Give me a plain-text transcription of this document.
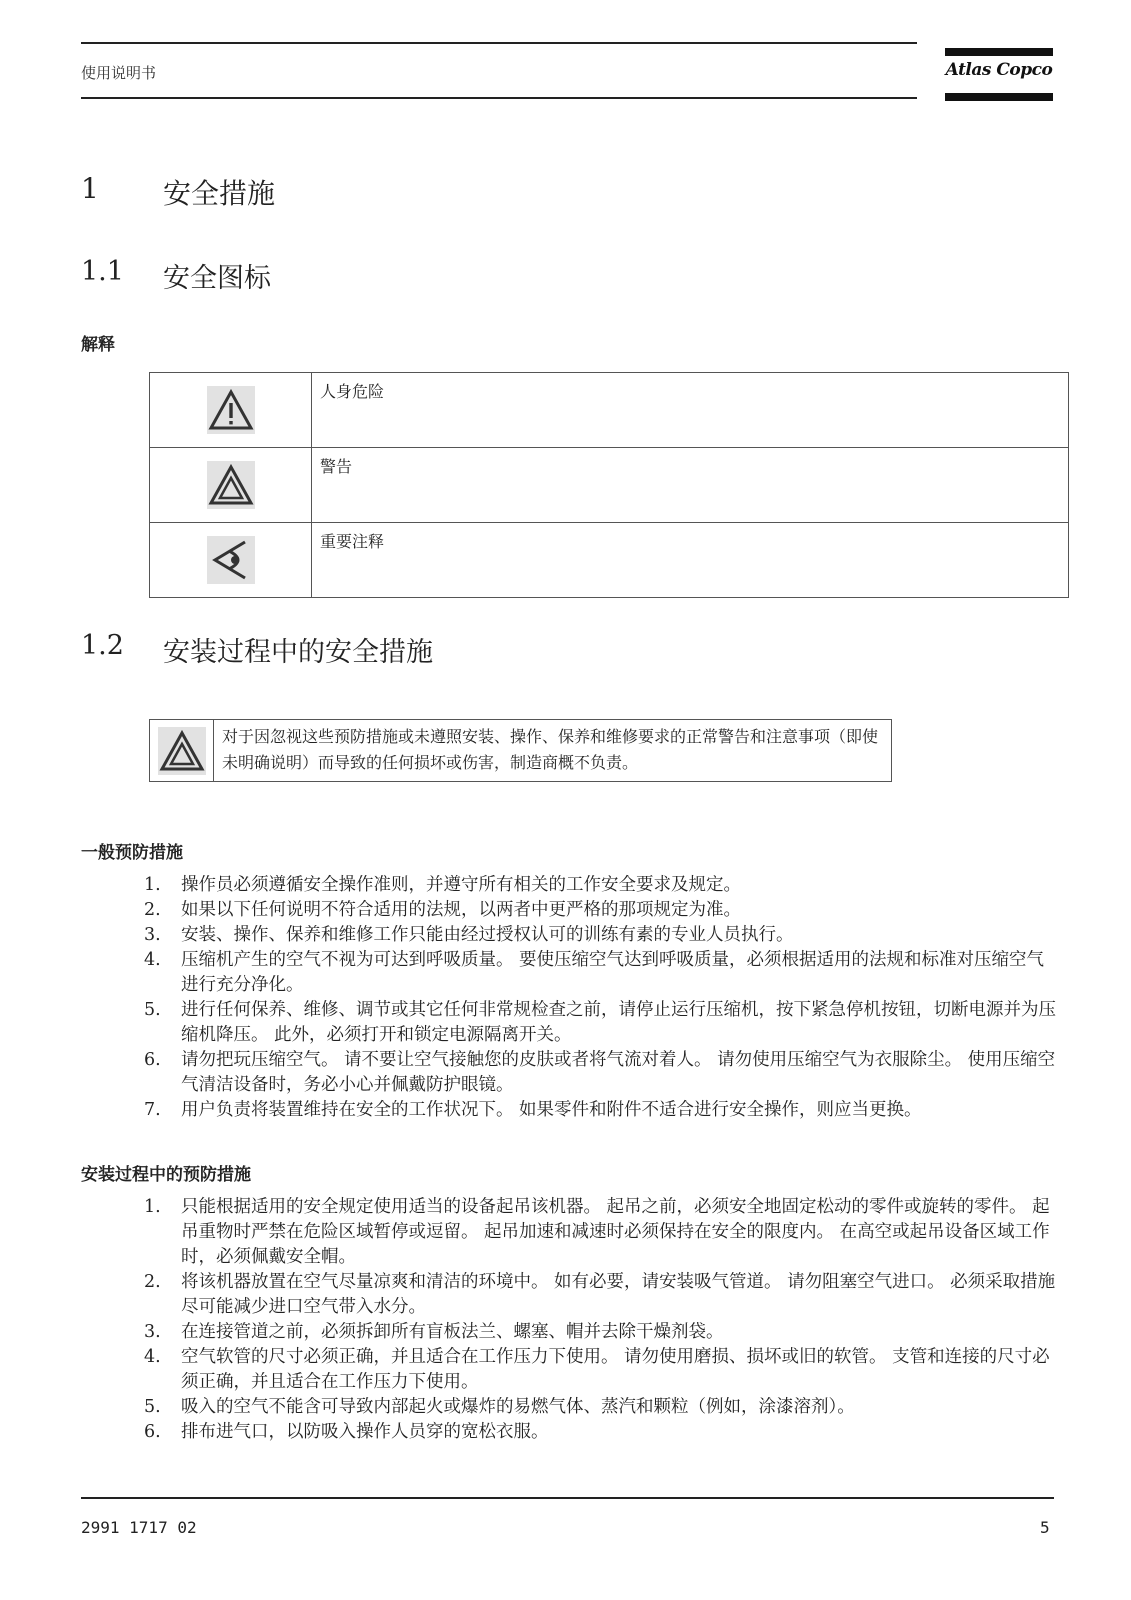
使用说明书	Atlas Copco
1 安全措施
1.1 安全图标
解释
	人身危险
	警告
	重要注释
1.2 安装过程中的安全措施
对于因忽视这些预防措施或未遵照安装、操作、保养和维修要求的正常警告和注意事项（即使未明确说明）而导致的任何损坏或伤害，制造商概不负责。
一般预防措施
1. 操作员必须遵循安全操作准则，并遵守所有相关的工作安全要求及规定。
2. 如果以下任何说明不符合适用的法规，以两者中更严格的那项规定为准。
3. 安装、操作、保养和维修工作只能由经过授权认可的训练有素的专业人员执行。
4. 压缩机产生的空气不视为可达到呼吸质量。 要使压缩空气达到呼吸质量，必须根据适用的法规和标准对压缩空气进行充分净化。
5. 进行任何保养、维修、调节或其它任何非常规检查之前，请停止运行压缩机，按下紧急停机按钮，切断电源并为压缩机降压。 此外，必须打开和锁定电源隔离开关。
6. 请勿把玩压缩空气。 请不要让空气接触您的皮肤或者将气流对着人。 请勿使用压缩空气为衣服除尘。 使用压缩空气清洁设备时，务必小心并佩戴防护眼镜。
7. 用户负责将装置维持在安全的工作状况下。 如果零件和附件不适合进行安全操作，则应当更换。
安装过程中的预防措施
1. 只能根据适用的安全规定使用适当的设备起吊该机器。 起吊之前，必须安全地固定松动的零件或旋转的零件。 起吊重物时严禁在危险区域暂停或逗留。 起吊加速和减速时必须保持在安全的限度内。 在高空或起吊设备区域工作时，必须佩戴安全帽。
2. 将该机器放置在空气尽量凉爽和清洁的环境中。 如有必要，请安装吸气管道。 请勿阻塞空气进口。 必须采取措施尽可能减少进口空气带入水分。
3. 在连接管道之前，必须拆卸所有盲板法兰、螺塞、帽并去除干燥剂袋。
4. 空气软管的尺寸必须正确，并且适合在工作压力下使用。 请勿使用磨损、损坏或旧的软管。 支管和连接的尺寸必须正确，并且适合在工作压力下使用。
5. 吸入的空气不能含可导致内部起火或爆炸的易燃气体、蒸汽和颗粒（例如，涂漆溶剂）。
6. 排布进气口，以防吸入操作人员穿的宽松衣服。
2991 1717 02	5
